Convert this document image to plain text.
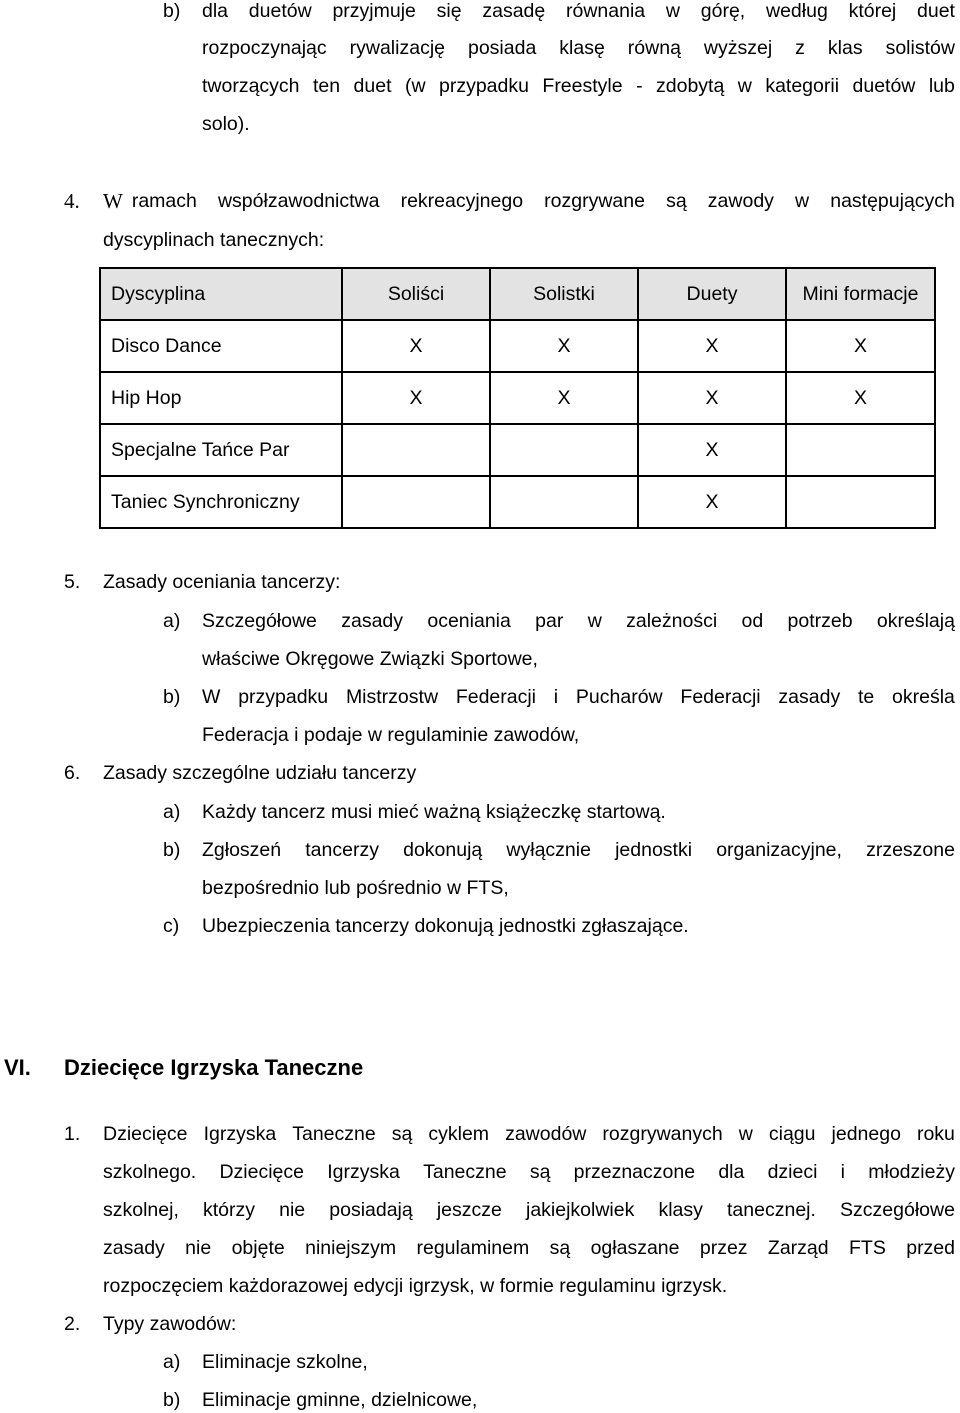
b) dla duetów przyjmuje się zasadę równania w górę, według której duet
rozpoczynając rywalizację posiada klasę równą wyższej z klas solistów
tworzących ten duet (w przypadku Freestyle - zdobytą w kategorii duetów lub
solo).
4. W ramach współzawodnictwa rekreacyjnego rozgrywane są zawody w następujących
dyscyplinach tanecznych:
Dyscyplina	Soliści	Solistki	Duety	Mini formacje
Disco Dance	X	X	X	X
Hip Hop	X	X	X	X
Specjalne Tańce Par			X	
Taniec Synchroniczny			X	
5. Zasady oceniania tancerzy:
a) Szczegółowe zasady oceniania par w zależności od potrzeb określają
właściwe Okręgowe Związki Sportowe,
b) W przypadku Mistrzostw Federacji i Pucharów Federacji zasady te określa
Federacja i podaje w regulaminie zawodów,
6. Zasady szczególne udziału tancerzy
a) Każdy tancerz musi mieć ważną książeczkę startową.
b) Zgłoszeń tancerzy dokonują wyłącznie jednostki organizacyjne, zrzeszone
bezpośrednio lub pośrednio w FTS,
c) Ubezpieczenia tancerzy dokonują jednostki zgłaszające.
VI. Dziecięce Igrzyska Taneczne
1. Dziecięce Igrzyska Taneczne są cyklem zawodów rozgrywanych w ciągu jednego roku
szkolnego. Dziecięce Igrzyska Taneczne są przeznaczone dla dzieci i młodzieży
szkolnej, którzy nie posiadają jeszcze jakiejkolwiek klasy tanecznej. Szczegółowe
zasady nie objęte niniejszym regulaminem są ogłaszane przez Zarząd FTS przed
rozpoczęciem każdorazowej edycji igrzysk, w formie regulaminu igrzysk.
2. Typy zawodów:
a) Eliminacje szkolne,
b) Eliminacje gminne, dzielnicowe,
